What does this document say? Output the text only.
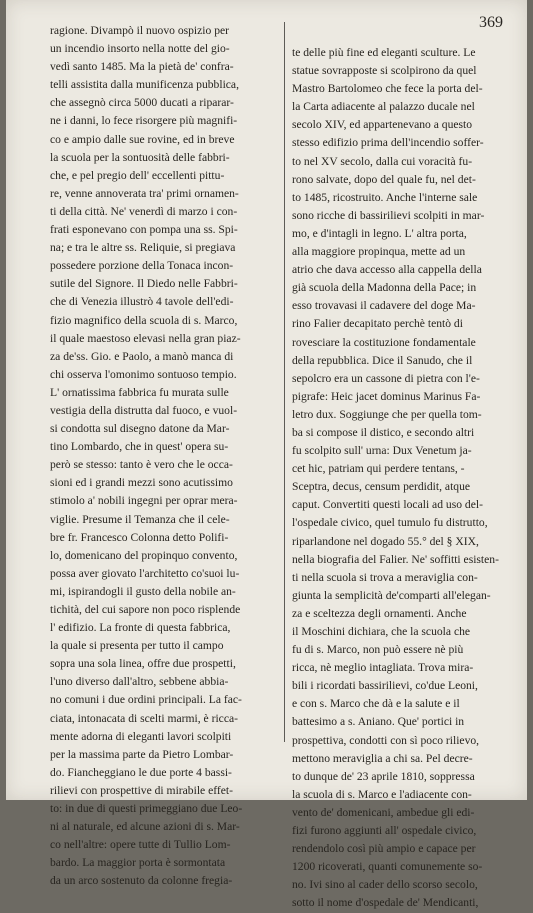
369
ragione. Divampò il nuovo ospizio per
un incendio insorto nella notte del gio-
vedì santo 1485. Ma la pietà de' confra-
telli assistita dalla munificenza pubblica,
che assegnò circa 5000 ducati a riparar-
ne i danni, lo fece risorgere più magnifi-
co e ampio dalle sue rovine, ed in breve
la scuola per la sontuosità delle fabbri-
che, e pel pregio dell' eccellenti pittu-
re, venne annoverata tra' primi ornamen-
ti della città. Ne' venerdì di marzo i con-
frati esponevano con pompa una ss. Spi-
na; e tra le altre ss. Reliquie, si pregiava
possedere porzione della Tonaca incon-
sutile del Signore. Il Diedo nelle Fabbri-
che di Venezia illustrò 4 tavole dell'edi-
fizio magnifico della scuola di s. Marco,
il quale maestoso elevasi nella gran piaz-
za de'ss. Gio. e Paolo, a manò manca di
chi osserva l'omonimo sontuoso tempio.
L' ornatissima fabbrica fu murata sulle
vestigia della distrutta dal fuoco, e vuol-
si condotta sul disegno datone da Mar-
tino Lombardo, che in quest' opera su-
però se stesso: tanto è vero che le occa-
sioni ed i grandi mezzi sono acutissimo
stimolo a' nobili ingegni per oprar mera-
viglie. Presume il Temanza che il cele-
bre fr. Francesco Colonna detto Polifi-
lo, domenicano del propinquo convento,
possa aver giovato l'architetto co'suoi lu-
mi, ispirandogli il gusto della nobile an-
tichità, del cui sapore non poco risplende
l' edifizio. La fronte di questa fabbrica,
la quale si presenta per tutto il campo
sopra una sola linea, offre due prospetti,
l'uno diverso dall'altro, sebbene abbia-
no comuni i due ordini principali. La fac-
ciata, intonacata di scelti marmi, è ricca-
mente adorna di eleganti lavori scolpiti
per la massima parte da Pietro Lombar-
do. Fiancheggiano le due porte 4 bassi-
rilievi con prospettive di mirabile effet-
to: in due di questi primeggiano due Leo-
ni al naturale, ed alcune azioni di s. Mar-
co nell'altre: opere tutte di Tullio Lom-
bardo. La maggior porta è sormontata
da un arco sostenuto da colonne fregia-
te delle più fine ed eleganti sculture. Le
statue sovrapposte si scolpirono da quel
Mastro Bartolomeo che fece la porta del-
la Carta adiacente al palazzo ducale nel
secolo XIV, ed appartenevano a questo
stesso edifizio prima dell'incendio soffer-
to nel XV secolo, dalla cui voracità fu-
rono salvate, dopo del quale fu, nel det-
to 1485, ricostruito. Anche l'interne sale
sono ricche di bassirilievi scolpiti in mar-
mo, e d'intagli in legno. L' altra porta,
alla maggiore propinqua, mette ad un
atrio che dava accesso alla cappella della
già scuola della Madonna della Pace; in
esso trovavasi il cadavere del doge Ma-
rino Falier decapitato perchè tentò di
rovesciare la costituzione fondamentale
della repubblica. Dice il Sanudo, che il
sepolcro era un cassone di pietra con l'e-
pigrafe: Heic jacet dominus Marinus Fa-
letro dux. Soggiunge che per quella tom-
ba si compose il distico, e secondo altri
fu scolpito sull' urna: Dux Venetum ja-
cet hic, patriam qui perdere tentans, -
Sceptra, decus, censum perdidit, atque
caput. Convertiti questi locali ad uso del-
l'ospedale civico, quel tumulo fu distrutto,
riparlandone nel dogado 55.° del § XIX,
nella biografia del Falier. Ne' soffitti esisten-
ti nella scuola si trova a meraviglia con-
giunta la semplicità de'comparti all'elegan-
za e sceltezza degli ornamenti. Anche
il Moschini dichiara, che la scuola che
fu di s. Marco, non può essere nè più
ricca, nè meglio intagliata. Trova mira-
bili i ricordati bassirilievi, co'due Leoni,
e con s. Marco che dà e la salute e il
battesimo a s. Aniano. Que' portici in
prospettiva, condotti con sì poco rilievo,
mettono meraviglia a chi sa. Pel decre-
to dunque de' 23 aprile 1810, soppressa
la scuola di s. Marco e l'adiacente con-
vento de' domenicani, ambedue gli edi-
fizi furono aggiunti all' ospedale civico,
rendendolo così più ampio e capace per
1200 ricoverati, quanti comunemente so-
no. Ivi sino al cader dello scorso secolo,
sotto il nome d'ospedale de' Mendicanti,
